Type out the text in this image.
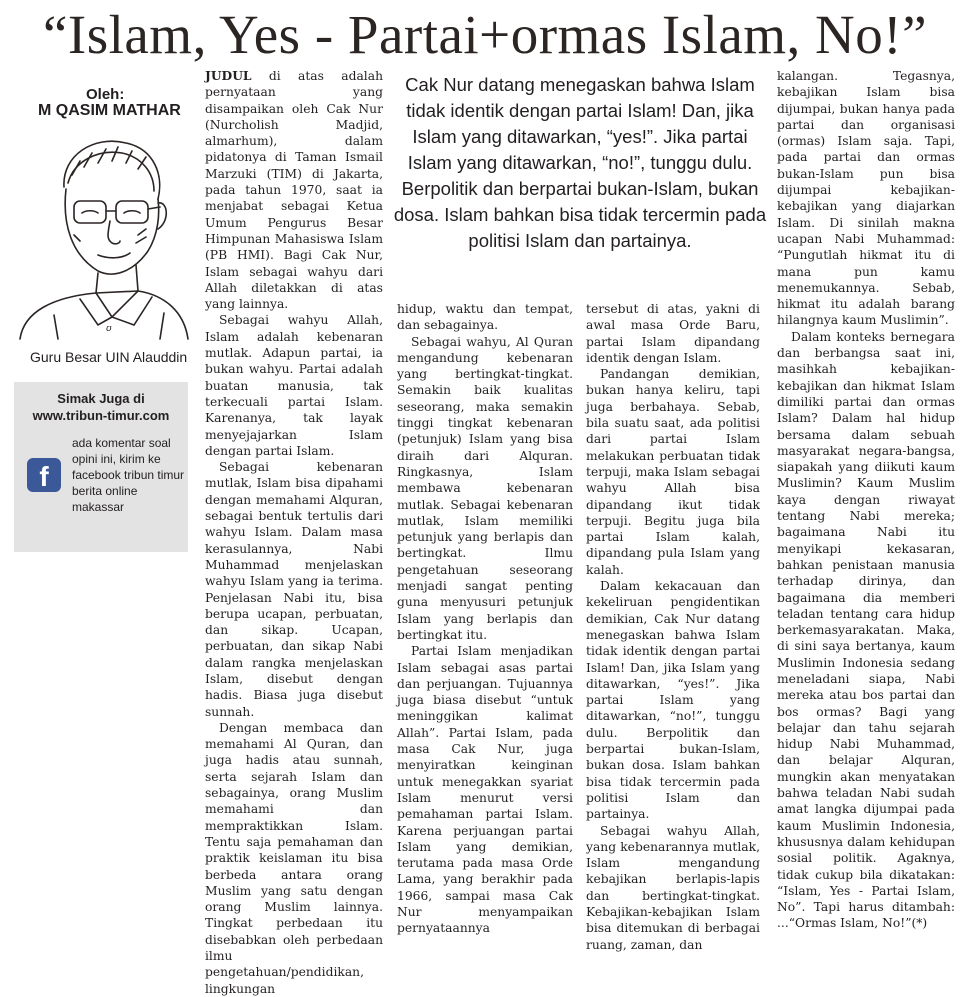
“Islam, Yes - Partai+ormas Islam, No!”
Oleh:
M QASIM MATHAR
ʊ
Guru Besar UIN Alauddin
Simak Juga di
www.tribun-timur.com
f
ada komentar soal opini ini, kirim ke facebook tribun timur berita online makassar
Cak Nur datang menegaskan bahwa Islam tidak identik dengan partai Islam! Dan, jika Islam yang ditawarkan, “yes!”. Jika partai Islam yang ditawarkan, “no!”, tunggu dulu. Berpolitik dan berpartai bukan-Islam, bukan dosa. Islam bahkan bisa tidak tercermin pada politisi Islam dan partainya.

JUDUL di atas adalah pernyataan yang disampaikan oleh Cak Nur (Nurcholish Madjid, almarhum), dalam pidatonya di Taman Ismail Marzuki (TIM) di Jakarta, pada tahun 1970, saat ia menjabat sebagai Ketua Umum Pengurus Besar Himpunan Mahasiswa Islam (PB HMI). Bagi Cak Nur, Islam sebagai wahyu dari Allah diletakkan di atas yang lainnya.

Sebagai wahyu Allah, Islam adalah kebenaran mutlak. Adapun partai, ia bukan wahyu. Partai adalah buatan manusia, tak terkecuali partai Islam. Karenanya, tak layak menyejajarkan Islam dengan partai Islam.

Sebagai kebenaran mutlak, Islam bisa dipahami dengan memahami Alquran, sebagai bentuk tertulis dari wahyu Islam. Dalam masa kerasulannya, Nabi Muhammad menjelaskan wahyu Islam yang ia terima. Penjelasan Nabi itu, bisa berupa ucapan, perbuatan, dan sikap. Ucapan, perbuatan, dan sikap Nabi dalam rangka menjelaskan Islam, disebut dengan hadis. Biasa juga disebut sunnah.

Dengan membaca dan memahami Al Quran, dan juga hadis atau sunnah, serta sejarah Islam dan sebagainya, orang Muslim memahami dan mempraktikkan Islam. Tentu saja pemahaman dan praktik keislaman itu bisa berbeda antara orang Muslim yang satu dengan orang Muslim lainnya. Tingkat perbedaan itu disebabkan oleh perbedaan ilmu pengetahuan/pendidikan, lingkungan

hidup, waktu dan tempat, dan sebagainya.

Sebagai wahyu, Al Quran mengandung kebenaran yang bertingkat-tingkat. Semakin baik kualitas seseorang, maka semakin tinggi tingkat kebenaran (petunjuk) Islam yang bisa diraih dari Alquran. Ringkasnya, Islam membawa kebenaran mutlak. Sebagai kebenaran mutlak, Islam memiliki petunjuk yang berlapis dan bertingkat. Ilmu pengetahuan seseorang menjadi sangat penting guna menyusuri petunjuk Islam yang berlapis dan bertingkat itu.

Partai Islam menjadikan Islam sebagai asas partai dan perjuangan. Tujuannya juga biasa disebut “untuk meninggikan kalimat Allah”. Partai Islam, pada masa Cak Nur, juga menyiratkan keinginan untuk menegakkan syariat Islam menurut versi pemahaman partai Islam. Karena perjuangan partai Islam yang demikian, terutama pada masa Orde Lama, yang berakhir pada 1966, sampai masa Cak Nur menyampaikan pernyataannya

tersebut di atas, yakni di awal masa Orde Baru, partai Islam dipandang identik dengan Islam.

Pandangan demikian, bukan hanya keliru, tapi juga berbahaya. Sebab, bila suatu saat, ada politisi dari partai Islam melakukan perbuatan tidak terpuji, maka Islam sebagai wahyu Allah bisa dipandang ikut tidak terpuji. Begitu juga bila partai Islam kalah, dipandang pula Islam yang kalah.

Dalam kekacauan dan kekeliruan pengidentikan demikian, Cak Nur datang menegaskan bahwa Islam tidak identik dengan partai Islam! Dan, jika Islam yang ditawarkan, “yes!”. Jika partai Islam yang ditawarkan, “no!”, tunggu dulu. Berpolitik dan berpartai bukan-Islam, bukan dosa. Islam bahkan bisa tidak tercermin pada politisi Islam dan partainya.

Sebagai wahyu Allah, yang kebenarannya mutlak, Islam mengandung kebajikan berlapis-lapis dan bertingkat-tingkat. Kebajikan-kebajikan Islam bisa ditemukan di berbagai ruang, zaman, dan

kalangan. Tegasnya, kebajikan Islam bisa dijumpai, bukan hanya pada partai dan organisasi (ormas) Islam saja. Tapi, pada partai dan ormas bukan-Islam pun bisa dijumpai kebajikan-kebajikan yang diajarkan Islam. Di sinilah makna ucapan Nabi Muhammad: “Pungutlah hikmat itu di mana pun kamu menemukannya. Sebab, hikmat itu adalah barang hilangnya kaum Muslimin”.

Dalam konteks bernegara dan berbangsa saat ini, masihkah kebajikan-kebajikan dan hikmat Islam dimiliki partai dan ormas Islam? Dalam hal hidup bersama dalam sebuah masyarakat negara-bangsa, siapakah yang diikuti kaum Muslimin? Kaum Muslim kaya dengan riwayat tentang Nabi mereka; bagaimana Nabi itu menyikapi kekasaran, bahkan penistaan manusia terhadap dirinya, dan bagaimana dia memberi teladan tentang cara hidup berkemasyarakatan. Maka, di sini saya bertanya, kaum Muslimin Indonesia sedang meneladani siapa, Nabi mereka atau bos partai dan bos ormas? Bagi yang belajar dan tahu sejarah hidup Nabi Muhammad, dan belajar Alquran, mungkin akan menyatakan bahwa teladan Nabi sudah amat langka dijumpai pada kaum Muslimin Indonesia, khususnya dalam kehidupan sosial politik. Agaknya, tidak cukup bila dikatakan: “Islam, Yes - Partai Islam, No”. Tapi harus ditambah: ...“Ormas Islam, No!”(*)
